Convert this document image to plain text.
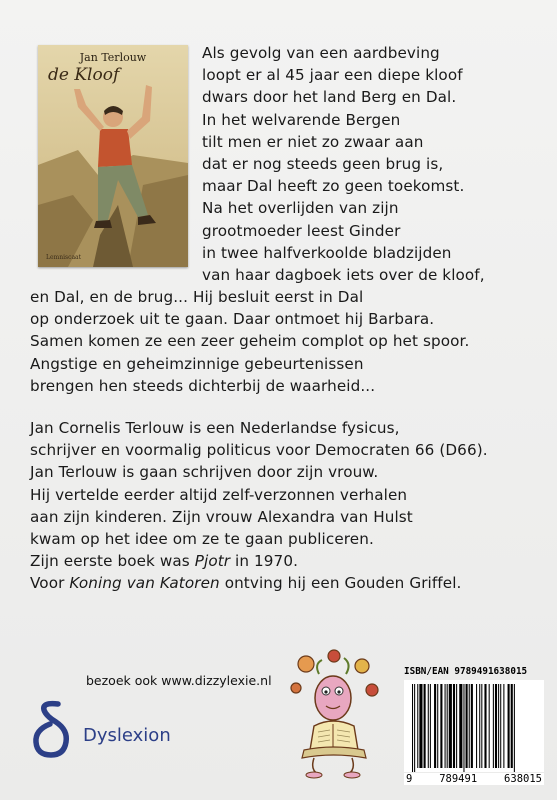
Jan Terlouw
de Kloof
Lemniscaat
Als gevolg van een aardbeving
loopt er al 45 jaar een diepe kloof
dwars door het land Berg en Dal.
In het welvarende Bergen
tilt men er niet zo zwaar aan
dat er nog steeds geen brug is,
maar Dal heeft zo geen toekomst.
Na het overlijden van zijn
grootmoeder leest Ginder
in twee halfverkoolde bladzijden
van haar dagboek iets over de kloof,
en Dal, en de brug... Hij besluit eerst in Dal
op onderzoek uit te gaan. Daar ontmoet hij Barbara.
Samen komen ze een zeer geheim complot op het spoor.
Angstige en geheimzinnige gebeurtenissen
brengen hen steeds dichterbij de waarheid...
Jan Cornelis Terlouw is een Nederlandse fysicus,
schrijver en voormalig politicus voor Democraten 66 (D66).
Jan Terlouw is gaan schrijven door zijn vrouw.
Hij vertelde eerder altijd zelf-verzonnen verhalen
aan zijn kinderen. Zijn vrouw Alexandra van Hulst
kwam op het idee om ze te gaan publiceren.
Zijn eerste boek was Pjotr in 1970.
Voor Koning van Katoren ontving hij een Gouden Griffel.
bezoek ook www.dizzylexie.nl
Dyslexion
ISBN/EAN 9789491638015
9	789491	638015
